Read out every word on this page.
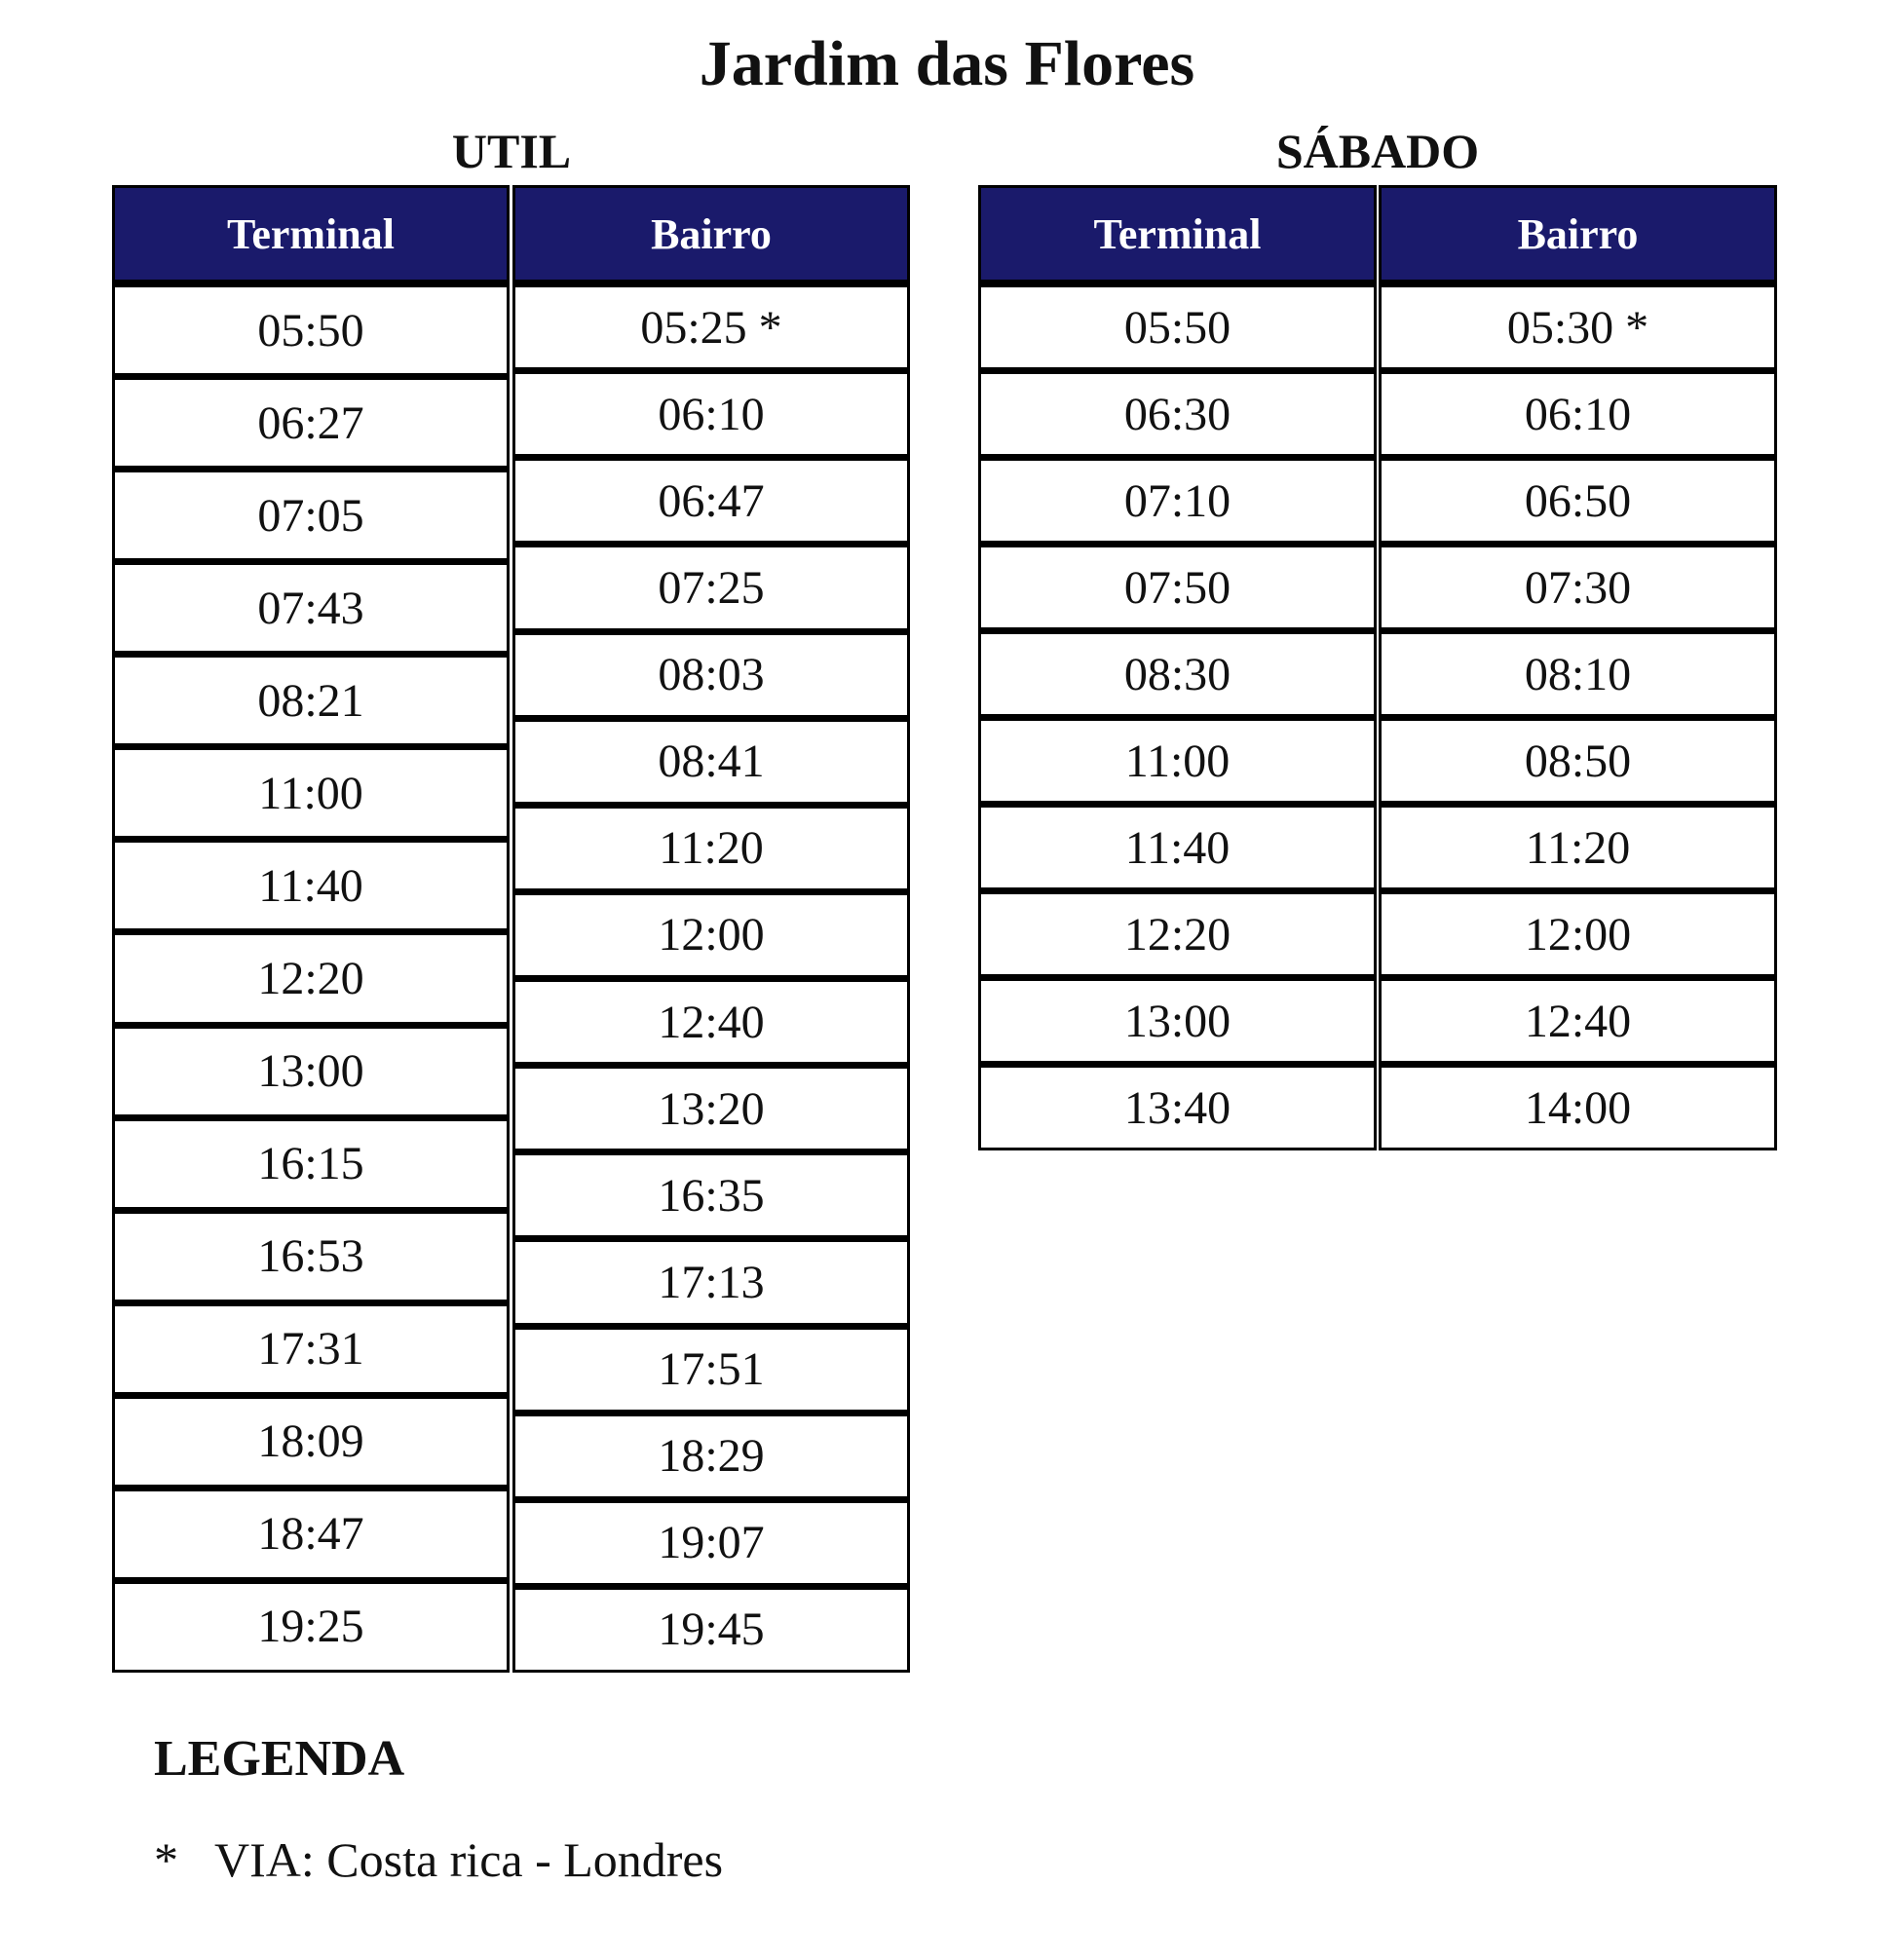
Jardim das Flores
UTIL	SÁBADO
Terminal
05:50
06:27
07:05
07:43
08:21
11:00
11:40
12:20
13:00
16:15
16:53
17:31
18:09
18:47
19:25
Bairro
05:25 *
06:10
06:47
07:25
08:03
08:41
11:20
12:00
12:40
13:20
16:35
17:13
17:51
18:29
19:07
19:45
Terminal
05:50
06:30
07:10
07:50
08:30
11:00
11:40
12:20
13:00
13:40
Bairro
05:30 *
06:10
06:50
07:30
08:10
08:50
11:20
12:00
12:40
14:00
LEGENDA
* VIA: Costa rica - Londres
